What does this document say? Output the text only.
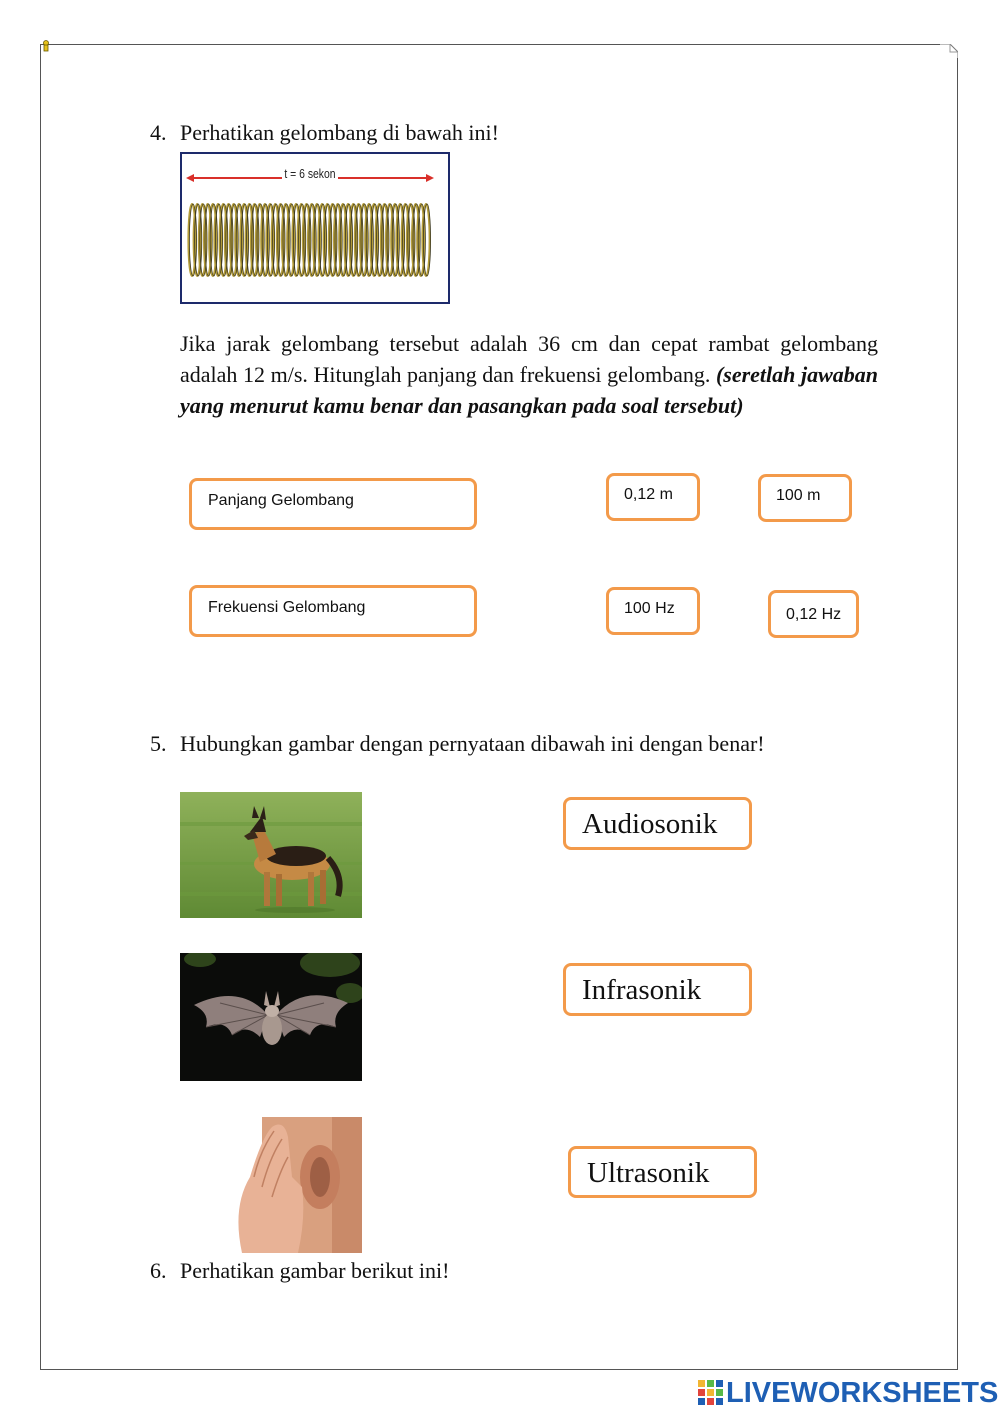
4. Perhatikan gelombang di bawah ini!
t = 6 sekon
Jika jarak gelombang tersebut adalah 36 cm dan cepat rambat gelombang adalah 12 m/s. Hitunglah panjang dan frekuensi gelombang. (seretlah jawaban yang menurut kamu benar dan pasangkan pada soal tersebut)
Panjang Gelombang
Frekuensi Gelombang
0,12 m	100 m
100 Hz	0,12 Hz
5. Hubungkan gambar dengan pernyataan dibawah ini dengan benar!
Audiosonik
Infrasonik
Ultrasonik
6. Perhatikan gambar berikut ini!
LIVEWORKSHEETS
